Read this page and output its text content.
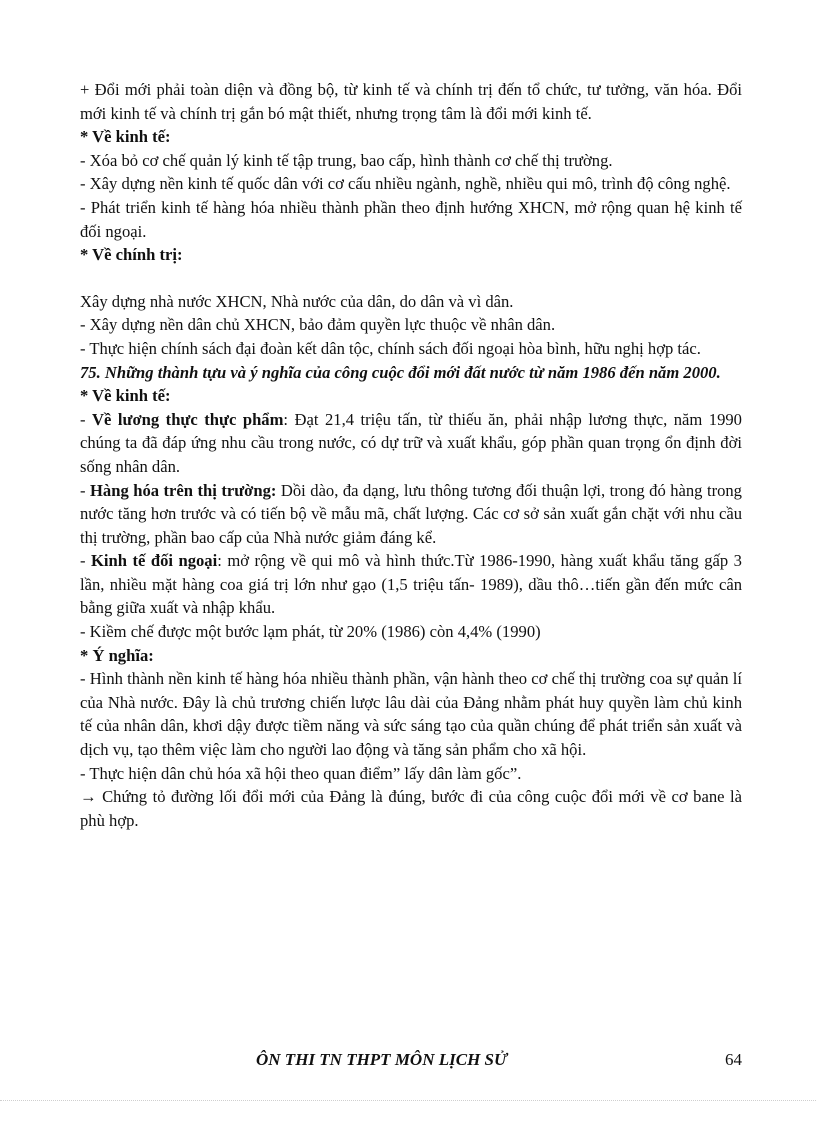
+ Đổi mới phải toàn diện và đồng bộ, từ kinh tế và chính trị đến tổ chức, tư tưởng, văn hóa. Đổi mới kinh tế và chính trị gắn bó mật thiết, nhưng trọng tâm là đổi mới kinh tế.

* Về kinh tế:

- Xóa bỏ cơ chế quản lý kinh tế tập trung, bao cấp, hình thành cơ chế thị trường.

- Xây dựng nền kinh tế quốc dân với cơ cấu nhiều ngành, nghề, nhiều qui mô, trình độ công nghệ.

- Phát triển kinh tế hàng hóa nhiều thành phần theo định hướng XHCN, mở rộng quan hệ kinh tế đối ngoại.

* Về chính trị:

Xây dựng nhà nước XHCN, Nhà nước của dân, do dân và vì dân.

- Xây dựng nền dân chủ XHCN, bảo đảm quyền lực thuộc về nhân dân.

- Thực hiện chính sách đại đoàn kết dân tộc, chính sách đối ngoại hòa bình, hữu nghị hợp tác.

75. Những thành tựu và ý nghĩa của công cuộc đổi mới đất nước từ năm 1986 đến năm 2000.

* Về kinh tế:

- Về lương thực thực phẩm: Đạt 21,4 triệu tấn, từ thiếu ăn, phải nhập lương thực, năm 1990 chúng ta đã đáp ứng nhu cầu trong nước, có dự trữ và xuất khẩu, góp phần quan trọng ổn định đời sống nhân dân.

- Hàng hóa trên thị trường: Dồi dào, đa dạng, lưu thông tương đối thuận lợi, trong đó hàng trong nước tăng hơn trước và có tiến bộ về mẫu mã, chất lượng. Các cơ sở sản xuất gắn chặt với nhu cầu thị trường, phần bao cấp của Nhà nước giảm đáng kể.

- Kinh tế đối ngoại: mở rộng về qui mô và hình thức.Từ 1986-1990, hàng xuất khẩu tăng gấp 3 lần, nhiều mặt hàng coa giá trị lớn như gạo (1,5 triệu tấn- 1989), dầu thô…tiến gần đến mức cân bằng giữa xuất và nhập khẩu.

- Kiềm chế được một bước lạm phát, từ 20% (1986) còn 4,4% (1990)

* Ý nghĩa:

- Hình thành nền kinh tế hàng hóa nhiều thành phần, vận hành theo cơ chế thị trường coa sự quản lí của Nhà nước. Đây là chủ trương chiến lược lâu dài của Đảng nhằm phát huy quyền làm chủ kinh tế của nhân dân, khơi dậy được tiềm năng và sức sáng tạo của quần chúng để phát triển sản xuất và dịch vụ, tạo thêm việc làm cho người lao động và tăng sản phẩm cho xã hội.

- Thực hiện dân chủ hóa xã hội theo quan điểm” lấy dân làm gốc”.

→ Chứng tỏ đường lối đổi mới của Đảng là đúng, bước đi của công cuộc đổi mới về cơ bane là phù hợp.

ÔN THI TN THPT MÔN LỊCH SỬ	64
